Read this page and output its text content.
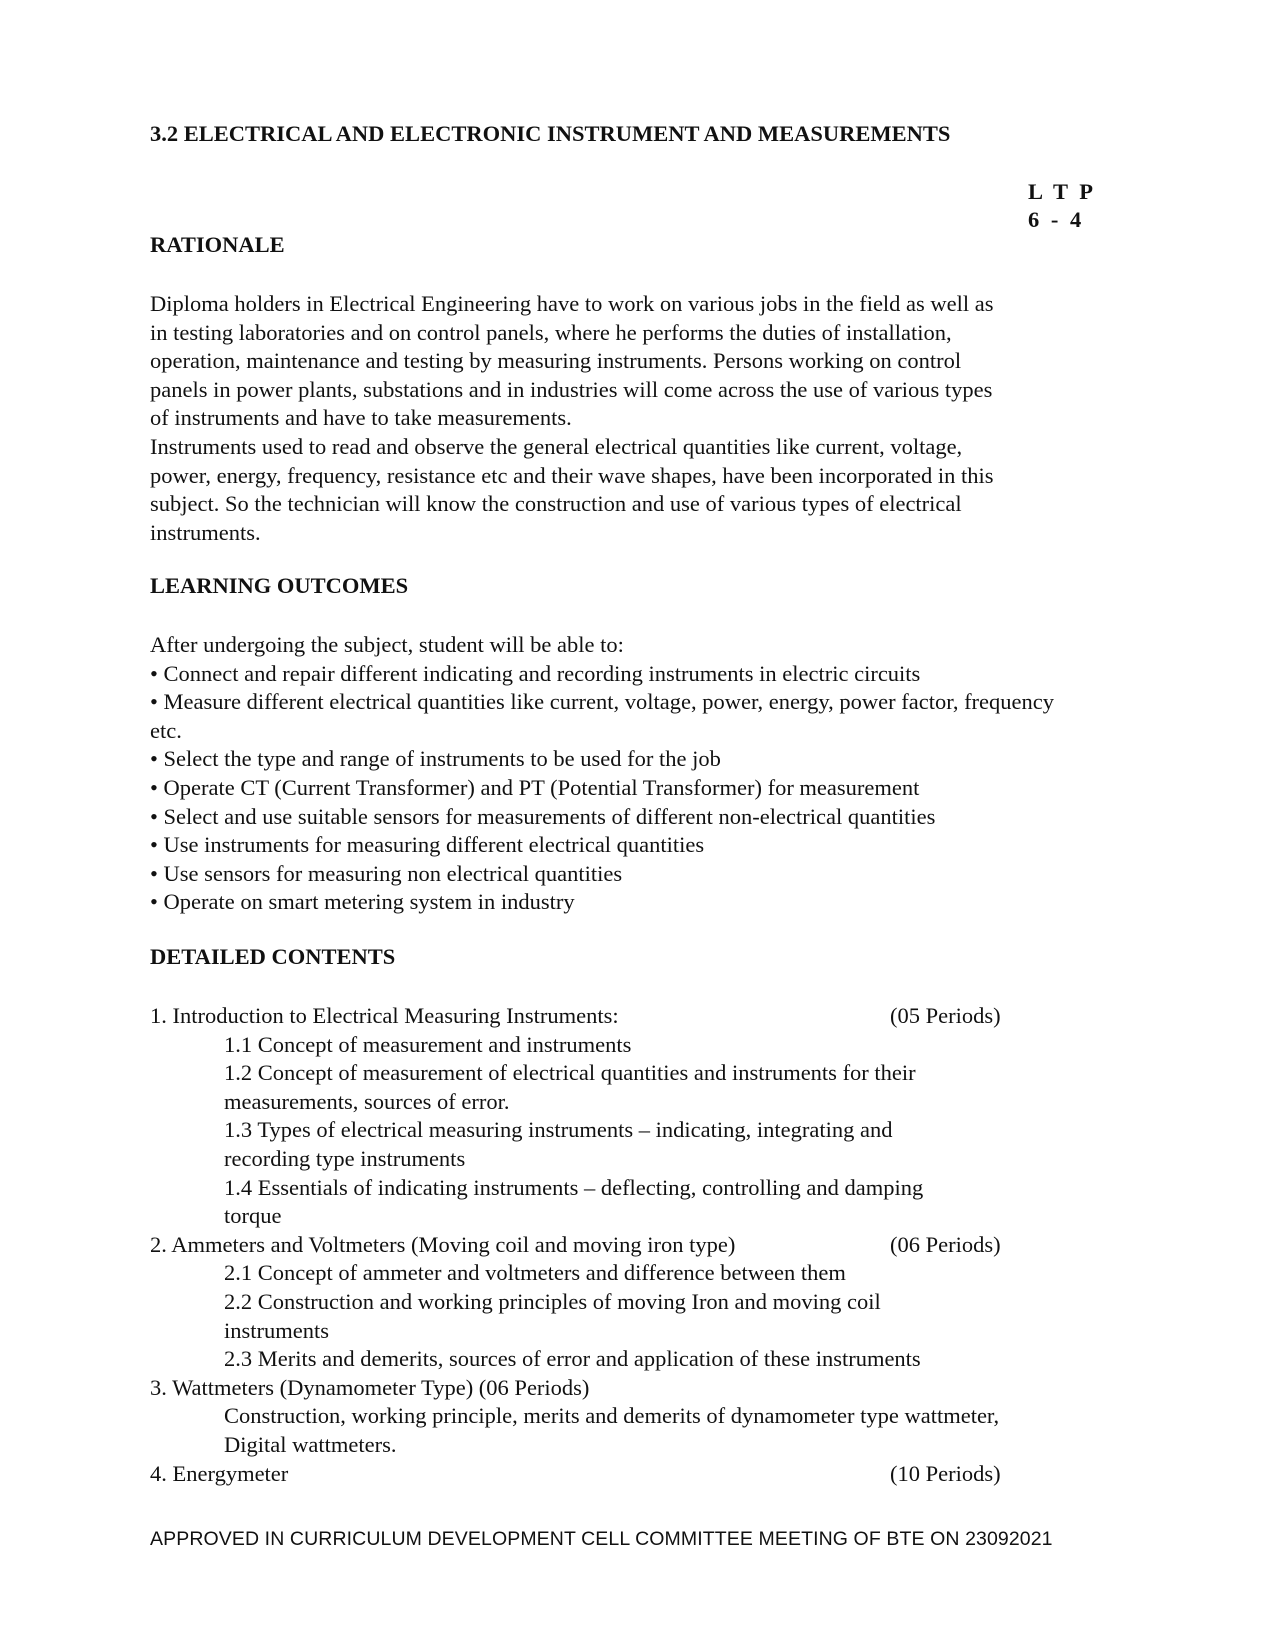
3.2 ELECTRICAL AND ELECTRONIC INSTRUMENT AND MEASUREMENTS
L T P
6 - 4
RATIONALE

Diploma holders in Electrical Engineering have to work on various jobs in the field as well as

in testing laboratories and on control panels, where he performs the duties of installation,

operation, maintenance and testing by measuring instruments. Persons working on control

panels in power plants, substations and in industries will come across the use of various types

of instruments and have to take measurements.

Instruments used to read and observe the general electrical quantities like current, voltage,

power, energy, frequency, resistance etc and their wave shapes, have been incorporated in this

subject. So the technician will know the construction and use of various types of electrical

instruments.

LEARNING OUTCOMES
After undergoing the subject, student will be able to:
• Connect and repair different indicating and recording instruments in electric circuits
• Measure different electrical quantities like current, voltage, power, energy, power factor, frequency
etc.
• Select the type and range of instruments to be used for the job
• Operate CT (Current Transformer) and PT (Potential Transformer) for measurement
• Select and use suitable sensors for measurements of different non-electrical quantities
• Use instruments for measuring different electrical quantities
• Use sensors for measuring non electrical quantities
• Operate on smart metering system in industry
DETAILED CONTENTS
1. Introduction to Electrical Measuring Instruments:	(05 Periods)
1.1 Concept of measurement and instruments
1.2 Concept of measurement of electrical quantities and instruments for their
measurements, sources of error.
1.3 Types of electrical measuring instruments – indicating, integrating and
recording type instruments
1.4 Essentials of indicating instruments – deflecting, controlling and damping
torque
2. Ammeters and Voltmeters (Moving coil and moving iron type)	(06 Periods)
2.1 Concept of ammeter and voltmeters and difference between them
2.2 Construction and working principles of moving Iron and moving coil
instruments
2.3 Merits and demerits, sources of error and application of these instruments
3. Wattmeters (Dynamometer Type) (06 Periods)
Construction, working principle, merits and demerits of dynamometer type wattmeter,
Digital wattmeters.
4. Energymeter	(10 Periods)
APPROVED IN CURRICULUM DEVELOPMENT CELL COMMITTEE MEETING OF BTE ON 23092021
